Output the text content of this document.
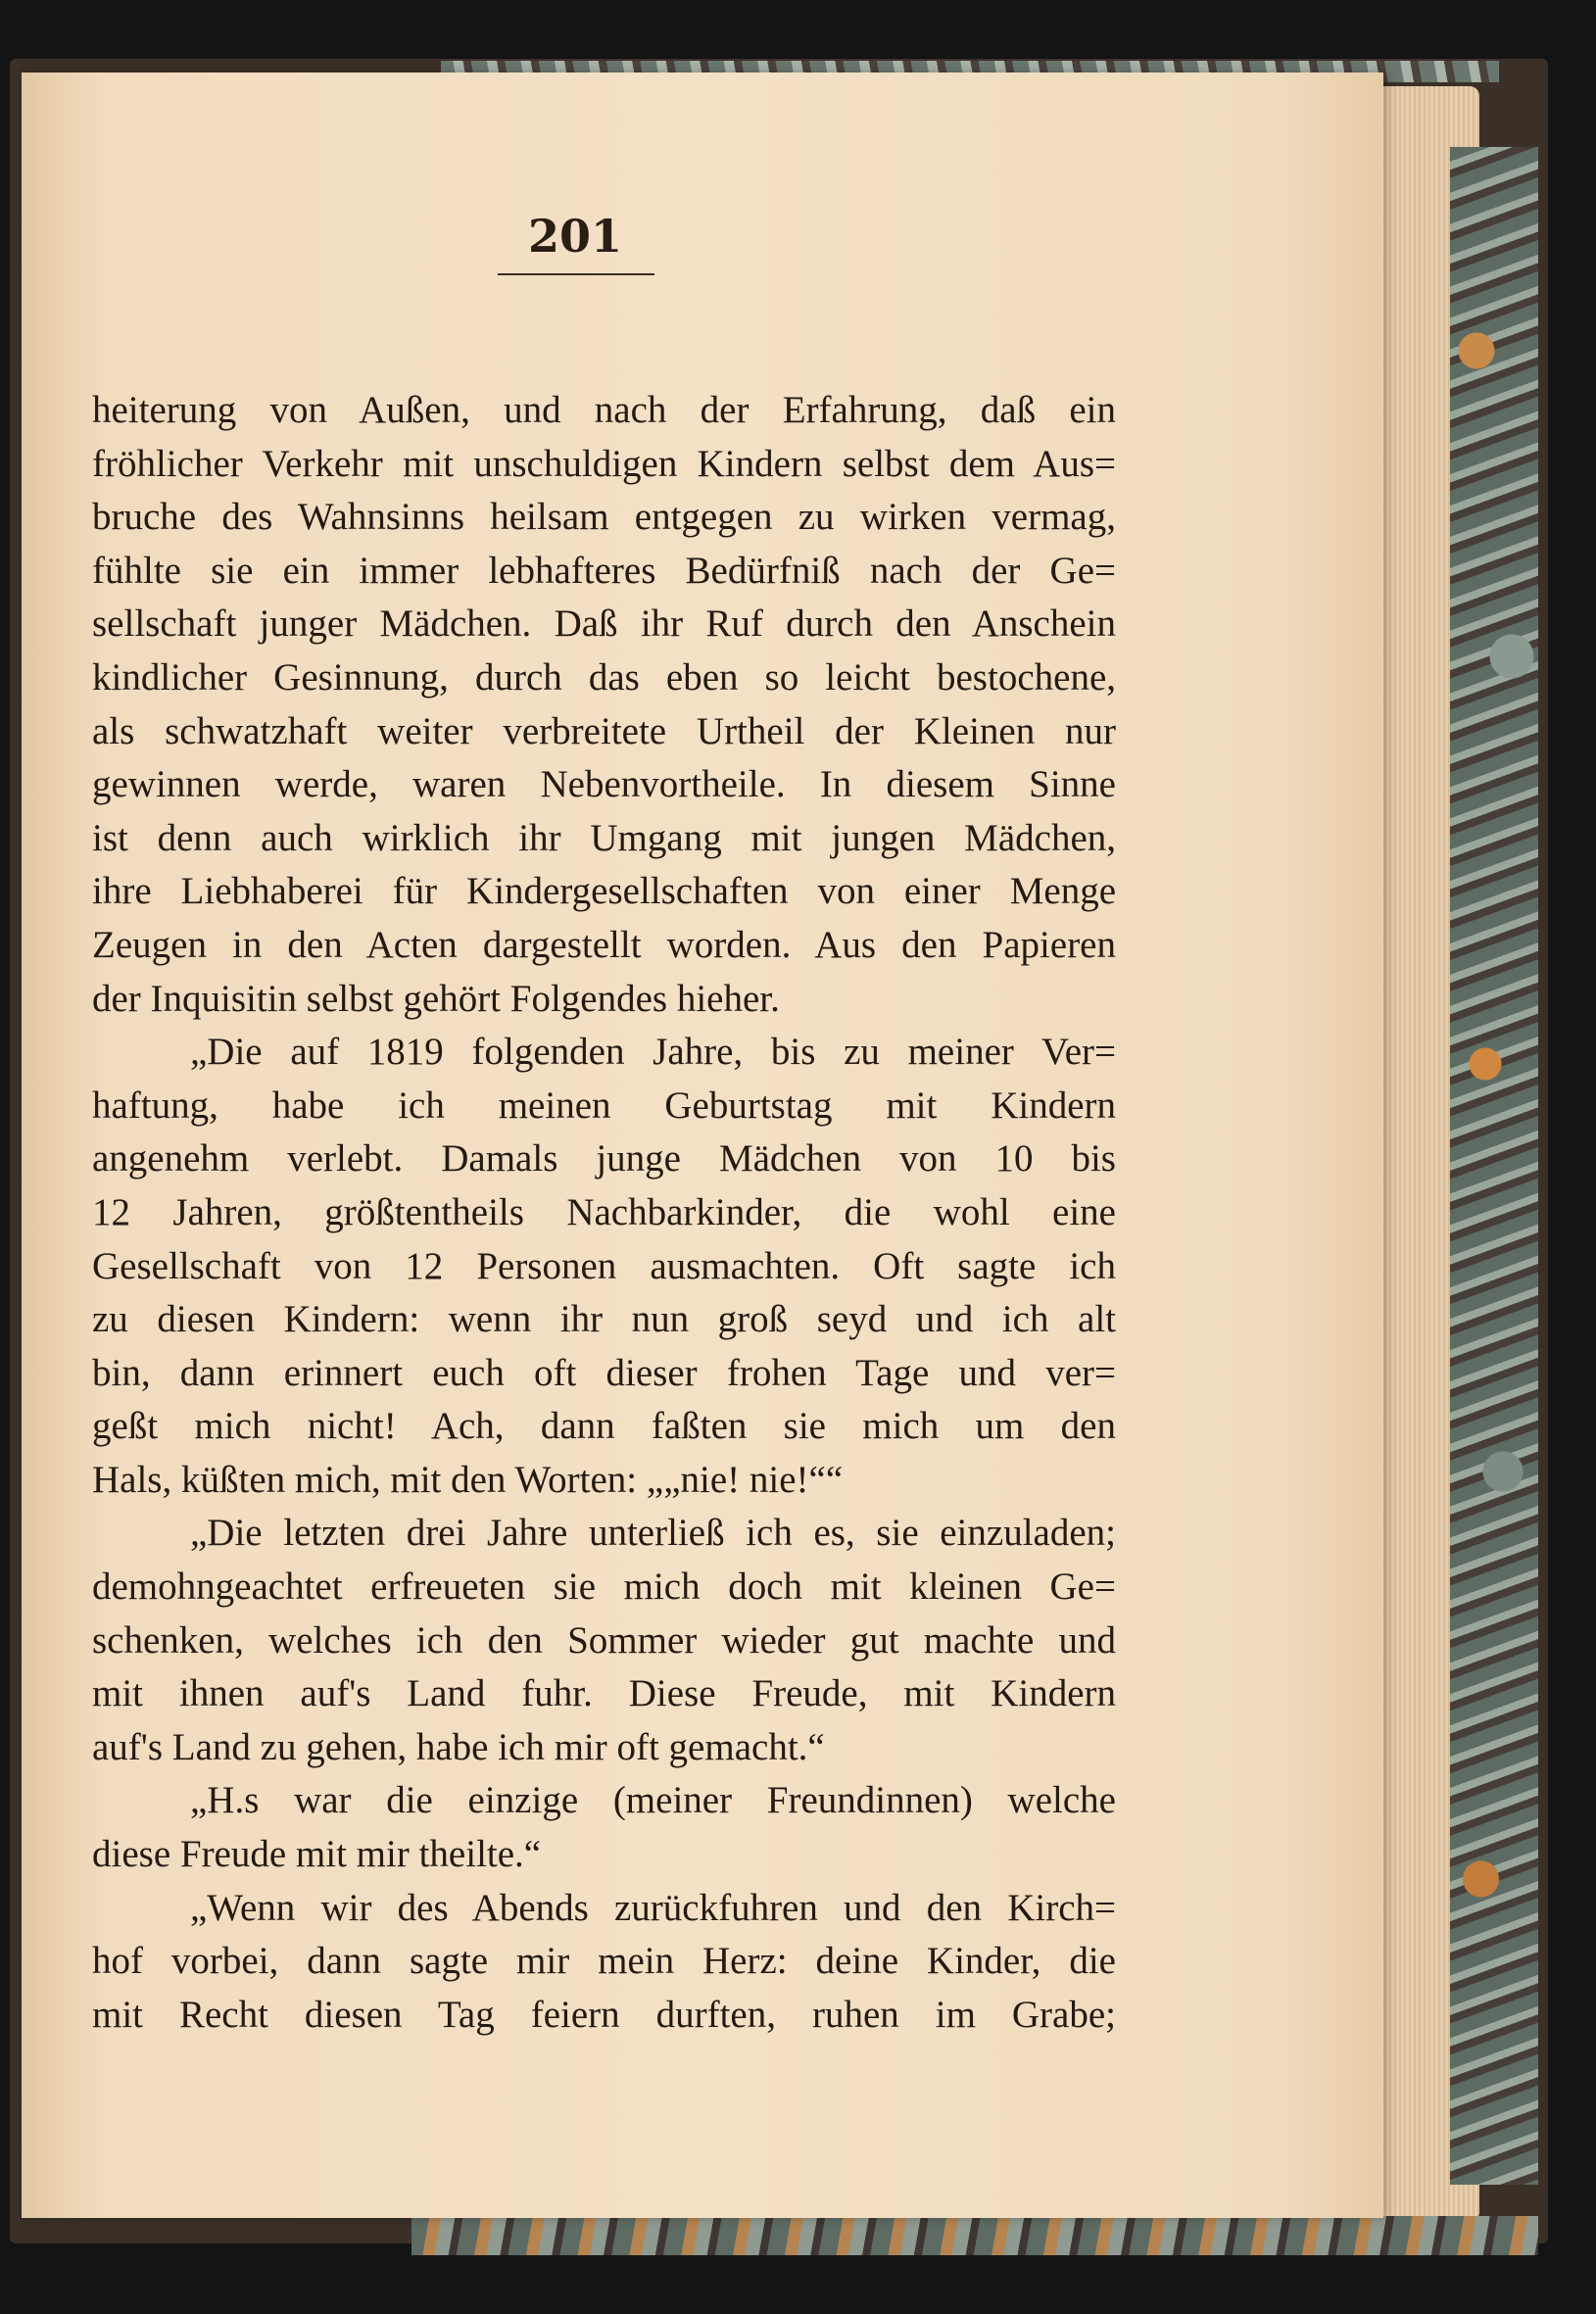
201
heiterung von Außen, und nach der Erfahrung, daß ein
fröhlicher Verkehr mit unschuldigen Kindern selbst dem Aus=
bruche des Wahnsinns heilsam entgegen zu wirken vermag,
fühlte sie ein immer lebhafteres Bedürfniß nach der Ge=
sellschaft junger Mädchen. Daß ihr Ruf durch den Anschein
kindlicher Gesinnung, durch das eben so leicht bestochene,
als schwatzhaft weiter verbreitete Urtheil der Kleinen nur
gewinnen werde, waren Nebenvortheile. In diesem Sinne
ist denn auch wirklich ihr Umgang mit jungen Mädchen,
ihre Liebhaberei für Kindergesellschaften von einer Menge
Zeugen in den Acten dargestellt worden. Aus den Papieren
der Inquisitin selbst gehört Folgendes hieher.
„Die auf 1819 folgenden Jahre, bis zu meiner Ver=
haftung, habe ich meinen Geburtstag mit Kindern
angenehm verlebt. Damals junge Mädchen von 10 bis
12 Jahren, größtentheils Nachbarkinder, die wohl eine
Gesellschaft von 12 Personen ausmachten. Oft sagte ich
zu diesen Kindern: wenn ihr nun groß seyd und ich alt
bin, dann erinnert euch oft dieser frohen Tage und ver=
geßt mich nicht! Ach, dann faßten sie mich um den
Hals, küßten mich, mit den Worten: „„nie! nie!““
„Die letzten drei Jahre unterließ ich es, sie einzuladen;
demohngeachtet erfreueten sie mich doch mit kleinen Ge=
schenken, welches ich den Sommer wieder gut machte und
mit ihnen auf's Land fuhr. Diese Freude, mit Kindern
auf's Land zu gehen, habe ich mir oft gemacht.“
„H.s war die einzige (meiner Freundinnen) welche
diese Freude mit mir theilte.“
„Wenn wir des Abends zurückfuhren und den Kirch=
hof vorbei, dann sagte mir mein Herz: deine Kinder, die
mit Recht diesen Tag feiern durften, ruhen im Grabe;
